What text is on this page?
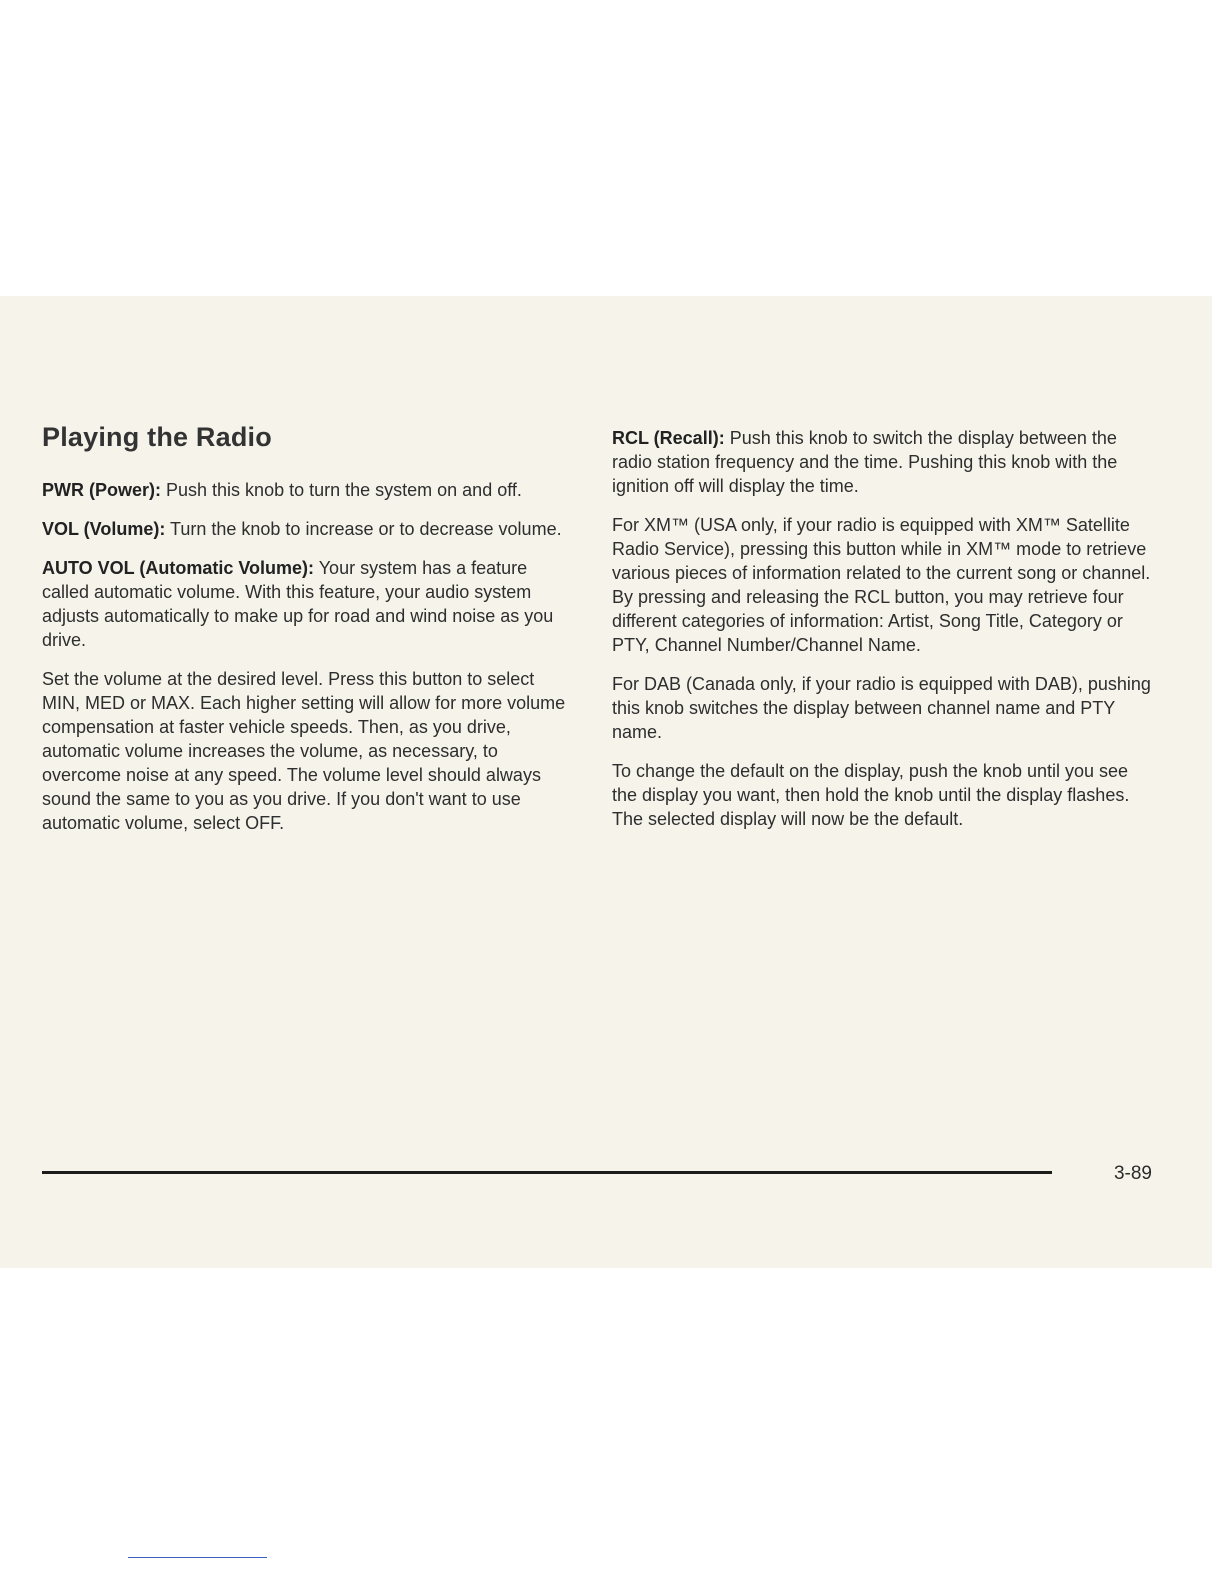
Playing the Radio

PWR (Power): Push this knob to turn the system on and off.

VOL (Volume): Turn the knob to increase or to decrease volume.

AUTO VOL (Automatic Volume): Your system has a feature called automatic volume. With this feature, your audio system adjusts automatically to make up for road and wind noise as you drive.

Set the volume at the desired level. Press this button to select MIN, MED or MAX. Each higher setting will allow for more volume compensation at faster vehicle speeds. Then, as you drive, automatic volume increases the volume, as necessary, to overcome noise at any speed. The volume level should always sound the same to you as you drive. If you don't want to use automatic volume, select OFF.

RCL (Recall): Push this knob to switch the display between the radio station frequency and the time. Pushing this knob with the ignition off will display the time.

For XM™ (USA only, if your radio is equipped with XM™ Satellite Radio Service), pressing this button while in XM™ mode to retrieve various pieces of information related to the current song or channel. By pressing and releasing the RCL button, you may retrieve four different categories of information: Artist, Song Title, Category or PTY, Channel Number/Channel Name.

For DAB (Canada only, if your radio is equipped with DAB), pushing this knob switches the display between channel name and PTY name.

To change the default on the display, push the knob until you see the display you want, then hold the knob until the display flashes. The selected display will now be the default.

3-89
